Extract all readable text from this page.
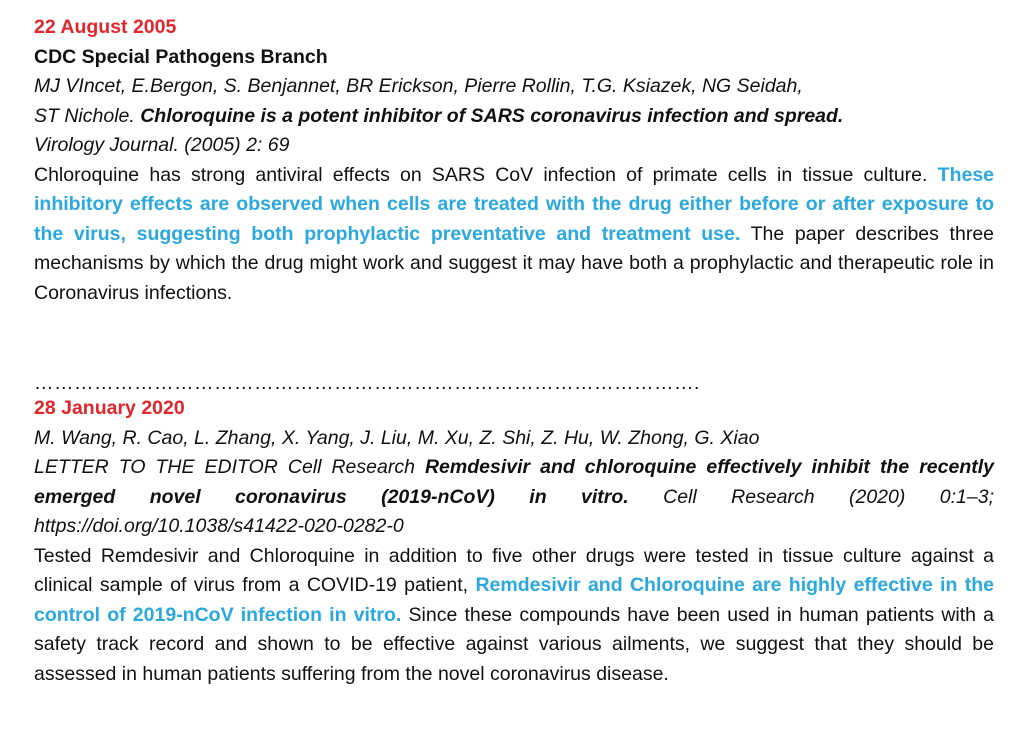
22 August 2005

CDC Special Pathogens Branch

MJ VIncet, E.Bergon, S. Benjannet, BR Erickson, Pierre Rollin, T.G. Ksiazek, NG Seidah,

ST Nichole. Chloroquine is a potent inhibitor of SARS coronavirus infection and spread.

Virology Journal. (2005) 2: 69

Chloroquine has strong antiviral effects on SARS CoV infection of primate cells in tissue culture. These inhibitory effects are observed when cells are treated with the drug either before or after exposure to the virus, suggesting both prophylactic preventative and treatment use. The paper describes three mechanisms by which the drug might work and suggest it may have both a prophylactic and therapeutic role in Coronavirus infections.

……………………………………………………………………………………….

28 January 2020

M. Wang, R. Cao, L. Zhang, X. Yang, J. Liu, M. Xu, Z. Shi, Z. Hu, W. Zhong, G. Xiao

LETTER TO THE EDITOR Cell Research Remdesivir and chloroquine effectively inhibit the recently emerged novel coronavirus (2019-nCoV) in vitro. Cell Research (2020) 0:1–3; https://doi.org/10.1038/s41422-020-0282-0

Tested Remdesivir and Chloroquine in addition to five other drugs were tested in tissue culture against a clinical sample of virus from a COVID-19 patient, Remdesivir and Chloroquine are highly effective in the control of 2019-nCoV infection in vitro. Since these compounds have been used in human patients with a safety track record and shown to be effective against various ailments, we suggest that they should be assessed in human patients suffering from the novel coronavirus disease.
